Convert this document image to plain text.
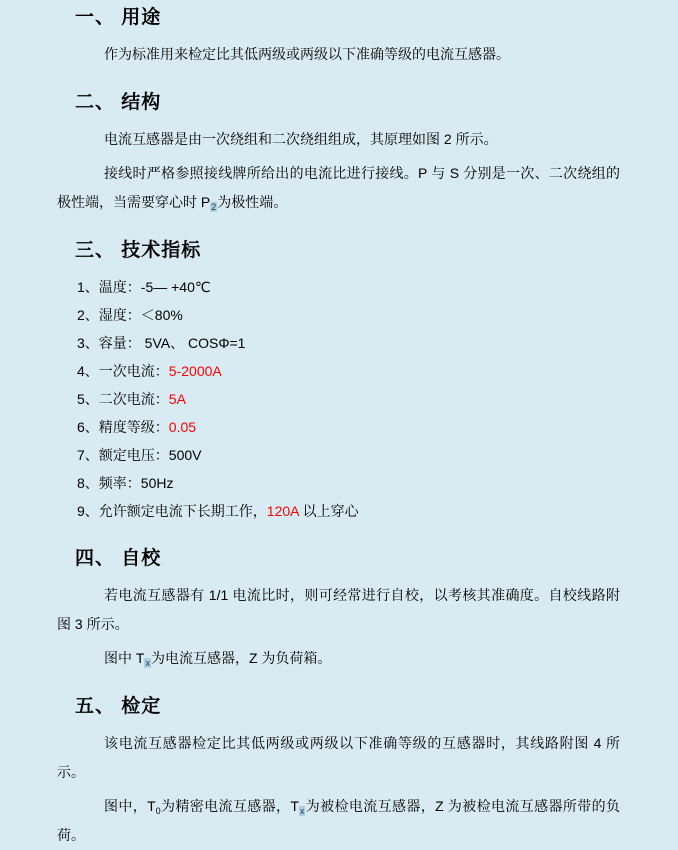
一、 用途

作为标准用来检定比其低两级或两级以下准确等级的电流互感器。

二、 结构

电流互感器是由一次绕组和二次绕组组成，其原理如图 2 所示。

接线时严格参照接线牌所给出的电流比进行接线。P 与 S 分别是一次、二次绕组的极性端，当需要穿心时 $P_2$为极性端。

三、 技术指标
1、温度：-5— +40℃
2、湿度：＜80%
3、容量： 5VA、 COSΦ=1
4、一次电流：5-2000A
5、二次电流：5A
6、精度等级：0.05
7、额定电压：500V
8、频率：50Hz
9、允许额定电流下长期工作，120A 以上穿心
四、 自校

若电流互感器有 1/1 电流比时，则可经常进行自校，以考核其准确度。自校线路附图 3 所示。

图中 $T_x$为电流互感器，Z 为负荷箱。

五、 检定

该电流互感器检定比其低两级或两级以下准确等级的互感器时，其线路附图 4 所示。

图中，$T_0$为精密电流互感器，$T_x$为被检电流互感器，Z 为被检电流互感器所带的负荷。
